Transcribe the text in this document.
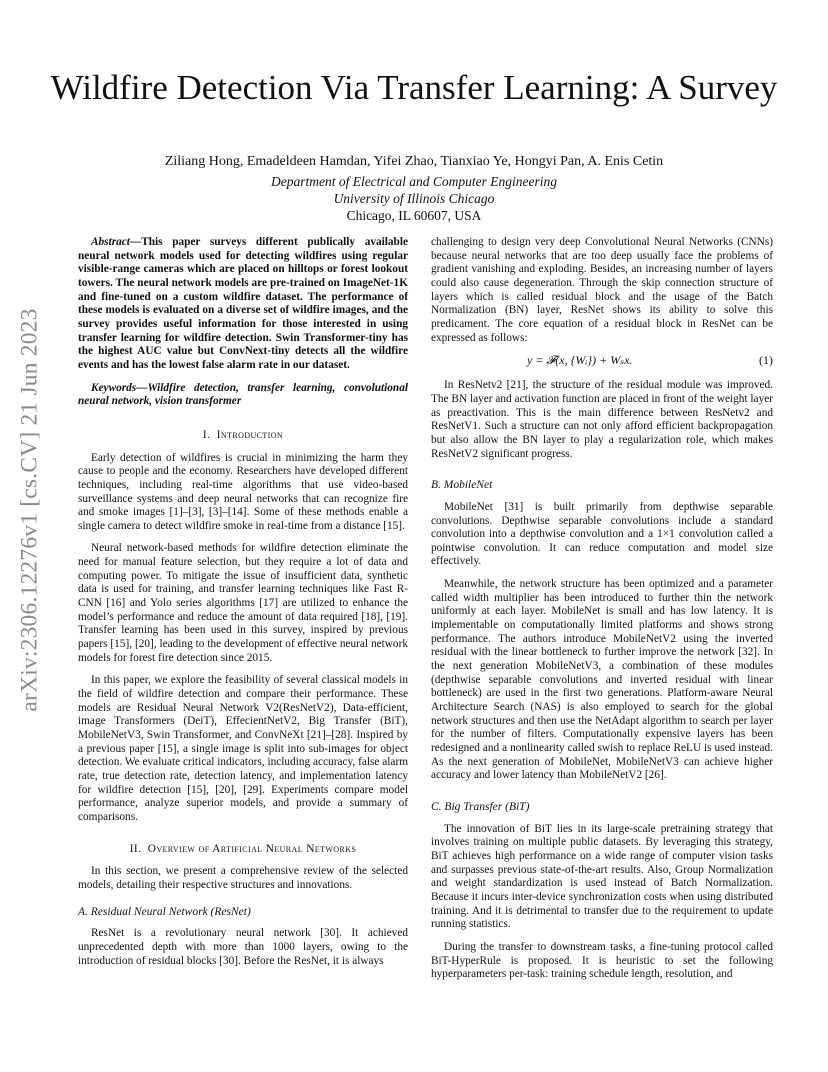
arXiv:2306.12276v1 [cs.CV] 21 Jun 2023
Wildfire Detection Via Transfer Learning: A Survey
Ziliang Hong, Emadeldeen Hamdan, Yifei Zhao, Tianxiao Ye, Hongyi Pan, A. Enis Cetin
Department of Electrical and Computer Engineering
University of Illinois Chicago
Chicago, IL 60607, USA

Abstract—This paper surveys different publically available neural network models used for detecting wildfires using regular visible-range cameras which are placed on hilltops or forest lookout towers. The neural network models are pre-trained on ImageNet-1K and fine-tuned on a custom wildfire dataset. The performance of these models is evaluated on a diverse set of wildfire images, and the survey provides useful information for those interested in using transfer learning for wildfire detection. Swin Transformer-tiny has the highest AUC value but ConvNext-tiny detects all the wildfire events and has the lowest false alarm rate in our dataset.

Keywords—Wildfire detection, transfer learning, convolutional neural network, vision transformer

I. Introduction

Early detection of wildfires is crucial in minimizing the harm they cause to people and the economy. Researchers have developed different techniques, including real-time algorithms that use video-based surveillance systems and deep neural networks that can recognize fire and smoke images [1]–[3], [3]–[14]. Some of these methods enable a single camera to detect wildfire smoke in real-time from a distance [15].

Neural network-based methods for wildfire detection eliminate the need for manual feature selection, but they require a lot of data and computing power. To mitigate the issue of insufficient data, synthetic data is used for training, and transfer learning techniques like Fast R-CNN [16] and Yolo series algorithms [17] are utilized to enhance the model’s performance and reduce the amount of data required [18], [19]. Transfer learning has been used in this survey, inspired by previous papers [15], [20], leading to the development of effective neural network models for forest fire detection since 2015.

In this paper, we explore the feasibility of several classical models in the field of wildfire detection and compare their performance. These models are Residual Neural Network V2(ResNetV2), Data-efficient, image Transformers (DeiT), EffecientNetV2, Big Transfer (BiT), MobileNetV3, Swin Transformer, and ConvNeXt [21]–[28]. Inspired by a previous paper [15], a single image is split into sub-images for object detection. We evaluate critical indicators, including accuracy, false alarm rate, true detection rate, detection latency, and implementation latency for wildfire detection [15], [20], [29]. Experiments compare model performance, analyze superior models, and provide a summary of comparisons.

II. Overview of Artificial Neural Networks

In this section, we present a comprehensive review of the selected models, detailing their respective structures and innovations.

A. Residual Neural Network (ResNet)

ResNet is a revolutionary neural network [30]. It achieved unprecedented depth with more than 1000 layers, owing to the introduction of residual blocks [30]. Before the ResNet, it is always

challenging to design very deep Convolutional Neural Networks (CNNs) because neural networks that are too deep usually face the problems of gradient vanishing and exploding. Besides, an increasing number of layers could also cause degeneration. Through the skip connection structure of layers which is called residual block and the usage of the Batch Normalization (BN) layer, ResNet shows its ability to solve this predicament. The core equation of a residual block in ResNet can be expressed as follows:

y = 𝓕(x, {Wᵢ}) + Wₛx.	(1)

In ResNetv2 [21], the structure of the residual module was improved. The BN layer and activation function are placed in front of the weight layer as preactivation. This is the main difference between ResNetv2 and ResNetV1. Such a structure can not only afford efficient backpropagation but also allow the BN layer to play a regularization role, which makes ResNetV2 significant progress.

B. MobileNet

MobileNet [31] is built primarily from depthwise separable convolutions. Depthwise separable convolutions include a standard convolution into a depthwise convolution and a 1×1 convolution called a pointwise convolution. It can reduce computation and model size effectively.

Meanwhile, the network structure has been optimized and a parameter called width multiplier has been introduced to further thin the network uniformly at each layer. MobileNet is small and has low latency. It is implementable on computationally limited platforms and shows strong performance. The authors introduce MobileNetV2 using the inverted residual with the linear bottleneck to further improve the network [32]. In the next generation MobileNetV3, a combination of these modules (depthwise separable convolutions and inverted residual with linear bottleneck) are used in the first two generations. Platform-aware Neural Architecture Search (NAS) is also employed to search for the global network structures and then use the NetAdapt algorithm to search per layer for the number of filters. Computationally expensive layers has been redesigned and a nonlinearity called swish to replace ReLU is used instead. As the next generation of MobileNet, MobileNetV3 can achieve higher accuracy and lower latency than MobileNetV2 [26].

C. Big Transfer (BiT)

The innovation of BiT lies in its large-scale pretraining strategy that involves training on multiple public datasets. By leveraging this strategy, BiT achieves high performance on a wide range of computer vision tasks and surpasses previous state-of-the-art results. Also, Group Normalization and weight standardization is used instead of Batch Normalization. Because it incurs inter-device synchronization costs when using distributed training. And it is detrimental to transfer due to the requirement to update running statistics.

During the transfer to downstream tasks, a fine-tuning protocol called BiT-HyperRule is proposed. It is heuristic to set the following hyperparameters per-task: training schedule length, resolution, and
